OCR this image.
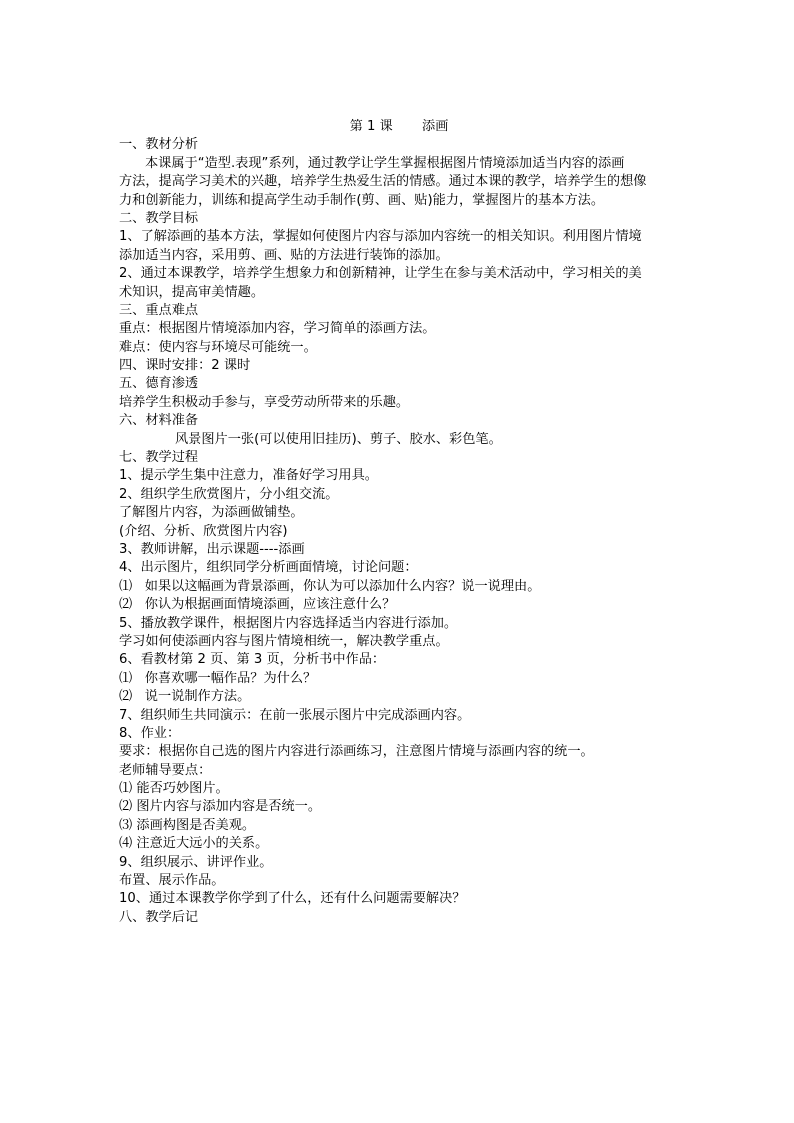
第 1 课       添画
一、教材分析
本课属于“造型.表现”系列，通过教学让学生掌握根据图片情境添加适当内容的添画
方法，提高学习美术的兴趣，培养学生热爱生活的情感。通过本课的教学，培养学生的想像
力和创新能力，训练和提高学生动手制作(剪、画、贴)能力，掌握图片的基本方法。
二、教学目标
1、了解添画的基本方法，掌握如何使图片内容与添加内容统一的相关知识。利用图片情境
添加适当内容，采用剪、画、贴的方法进行装饰的添加。
2、通过本课教学，培养学生想象力和创新精神，让学生在参与美术活动中，学习相关的美
术知识，提高审美情趣。
三、重点难点
重点：根据图片情境添加内容，学习简单的添画方法。
难点：使内容与环境尽可能统一。
四、课时安排：2 课时
五、德育渗透
培养学生积极动手参与，享受劳动所带来的乐趣。
六、材料准备
风景图片一张(可以使用旧挂历)、剪子、胶水、彩色笔。
七、教学过程
1、提示学生集中注意力，准备好学习用具。
2、组织学生欣赏图片，分小组交流。
了解图片内容，为添画做铺垫。
(介绍、分析、欣赏图片内容)
3、教师讲解，出示课题----添画
4、出示图片，组织同学分析画面情境，讨论问题：
⑴   如果以这幅画为背景添画，你认为可以添加什么内容？说一说理由。
⑵   你认为根据画面情境添画，应该注意什么？
5、播放教学课件，根据图片内容选择适当内容进行添加。
学习如何使添画内容与图片情境相统一，解决教学重点。
6、看教材第 2 页、第 3 页，分析书中作品：
⑴   你喜欢哪一幅作品？为什么？
⑵   说一说制作方法。
7、组织师生共同演示：在前一张展示图片中完成添画内容。
8、作业：
要求：根据你自己选的图片内容进行添画练习，注意图片情境与添画内容的统一。
老师辅导要点：
⑴ 能否巧妙图片。
⑵ 图片内容与添加内容是否统一。
⑶ 添画构图是否美观。
⑷ 注意近大远小的关系。
9、组织展示、讲评作业。
布置、展示作品。
10、通过本课教学你学到了什么，还有什么问题需要解决？
八、教学后记
